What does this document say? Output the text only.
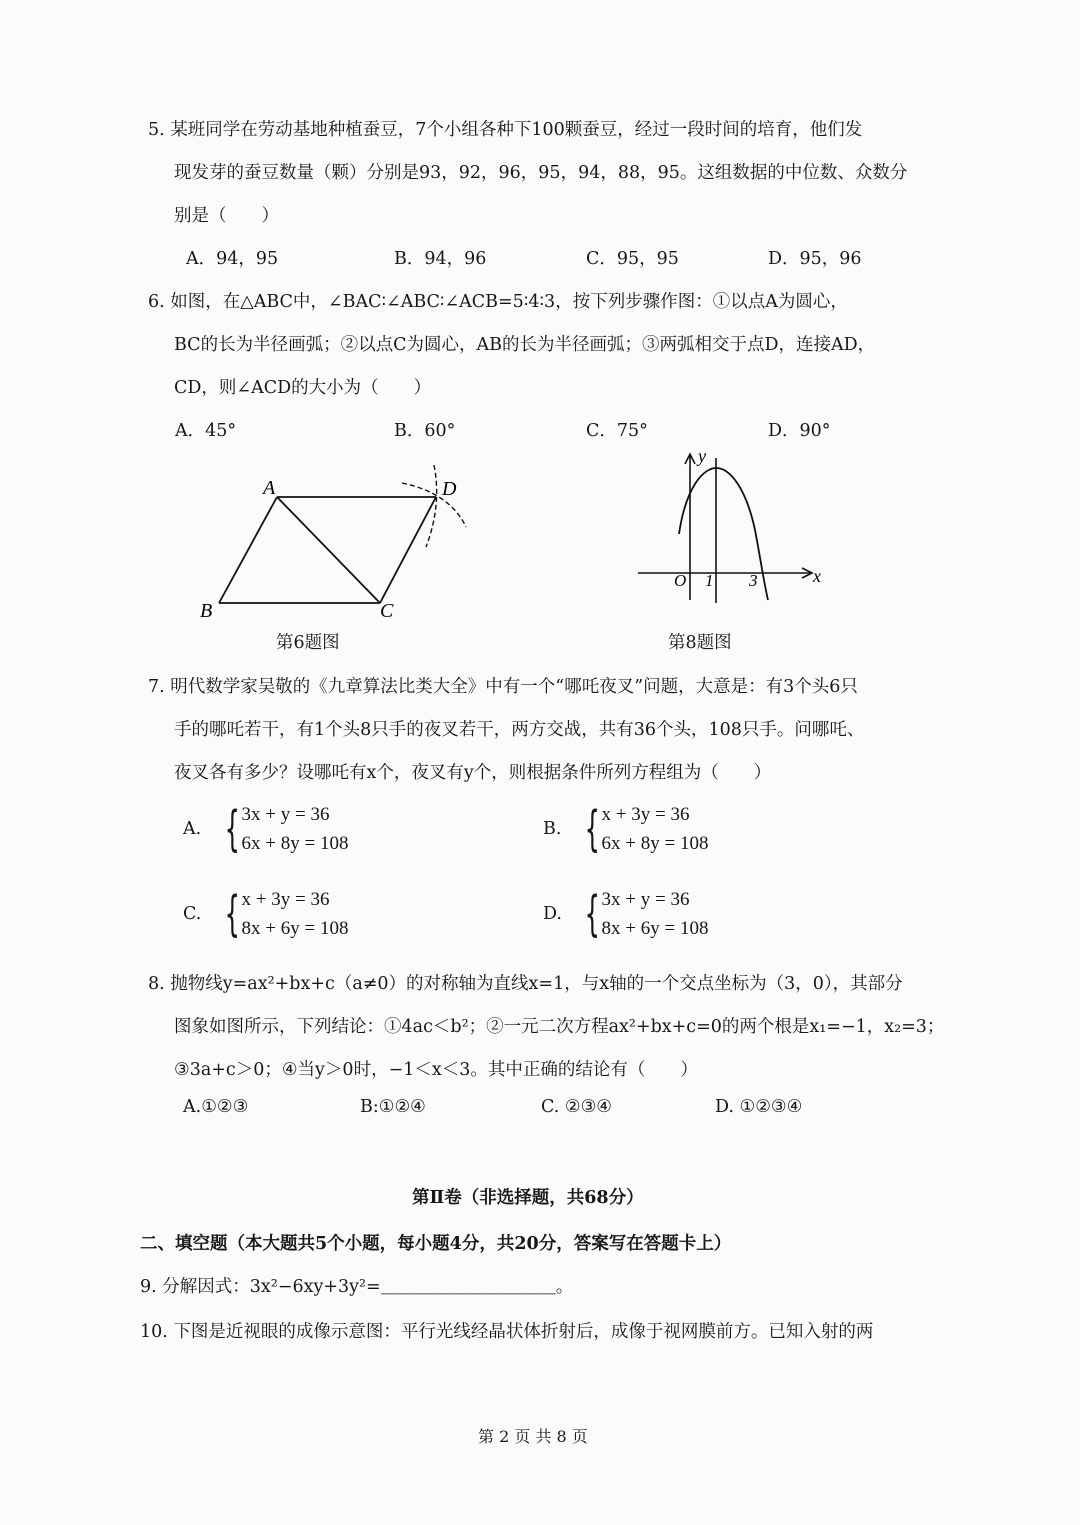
5. 某班同学在劳动基地种植蚕豆，7个小组各种下100颗蚕豆，经过一段时间的培育，他们发
现发芽的蚕豆数量（颗）分别是93，92，96，95，94，88，95。这组数据的中位数、众数分
别是（　　）
A．94，95	B．94，96	C．95，95	D．95，96
6. 如图，在△ABC中，∠BAC∶∠ABC∶∠ACB=5∶4∶3，按下列步骤作图：①以点A为圆心，
BC的长为半径画弧；②以点C为圆心，AB的长为半径画弧；③两弧相交于点D，连接AD，
CD，则∠ACD的大小为（　　）
A．45°	B．60°	C．75°	D．90°
A
B	C
D
第6题图
y
x
O 1 3
第8题图
7. 明代数学家吴敬的《九章算法比类大全》中有一个“哪吒夜叉”问题，大意是：有3个头6只
手的哪吒若干，有1个头8只手的夜叉若干，两方交战，共有36个头，108只手。问哪吒、
夜叉各有多少？设哪吒有x个，夜叉有y个，则根据条件所列方程组为（　　）
A. { 3x + y = 36
6x + 8y = 108
B. { x + 3y = 36
6x + 8y = 108
C. { x + 3y = 36
8x + 6y = 108
D. { 3x + y = 36
8x + 6y = 108
8. 抛物线y=ax²+bx+c（a≠0）的对称轴为直线x=1，与x轴的一个交点坐标为（3，0），其部分
图象如图所示，下列结论：①4ac＜b²；②一元二次方程ax²+bx+c=0的两个根是x₁=−1，x₂=3；
③3a+c＞0；④当y＞0时，−1＜x＜3。其中正确的结论有（　　）
A.①②③	B:①②④	C. ②③④	D. ①②③④
第Ⅱ卷（非选择题，共68分）
二、填空题（本大题共5个小题，每小题4分，共20分，答案写在答题卡上）
9. 分解因式：3x²−6xy+3y²=＿＿＿＿＿＿＿＿＿＿。
10. 下图是近视眼的成像示意图：平行光线经晶状体折射后，成像于视网膜前方。已知入射的两
第 2 页 共 8 页
